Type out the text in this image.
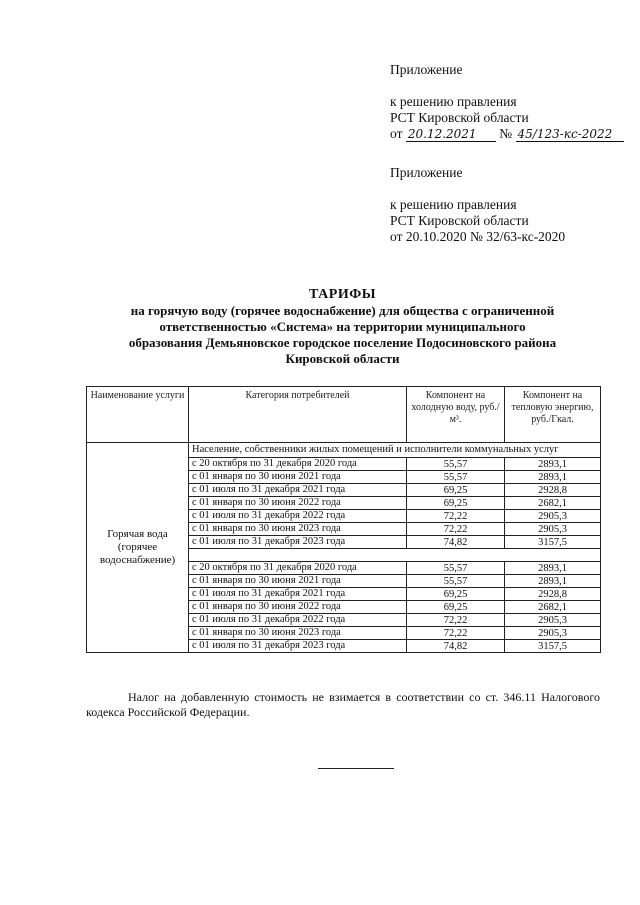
Приложение
к решению правления
РСТ Кировской области
от 20.12.2021 № 45/123-кс-2022
Приложение
к решению правления
РСТ Кировской области
от 20.10.2020 № 32/63-кс-2020
ТАРИФЫ
на горячую воду (горячее водоснабжение) для общества с ограниченной
ответственностью «Система» на территории муниципального
образования Демьяновское городское поселение Подосиновского района
Кировской области
Наименование услуги	Категория потребителей	Компонент на холодную воду, руб./м³.	Компонент на тепловую энергию, руб./Гкал.
Горячая вода (горячее водоснабжение)	Население, собственники жилых помещений и исполнители коммунальных услуг		
	с 20 октября по 31 декабря 2020 года	55,57	2893,1
	с 01 января по 30 июня 2021 года	55,57	2893,1
	с 01 июля по 31 декабря 2021 года	69,25	2928,8
	с 01 января по 30 июня 2022 года	69,25	2682,1
	с 01 июля по 31 декабря 2022 года	72,22	2905,3
	с 01 января по 30 июня 2023 года	72,22	2905,3
	с 01 июля по 31 декабря 2023 года	74,82	3157,5

	с 20 октября по 31 декабря 2020 года	55,57	2893,1
	с 01 января по 30 июня 2021 года	55,57	2893,1
	с 01 июля по 31 декабря 2021 года	69,25	2928,8
	с 01 января по 30 июня 2022 года	69,25	2682,1
	с 01 июля по 31 декабря 2022 года	72,22	2905,3
	с 01 января по 30 июня 2023 года	72,22	2905,3
	с 01 июля по 31 декабря 2023 года	74,82	3157,5
Налог на добавленную стоимость не взимается в соответствии со ст. 346.11 Налогового кодекса Российской Федерации.
